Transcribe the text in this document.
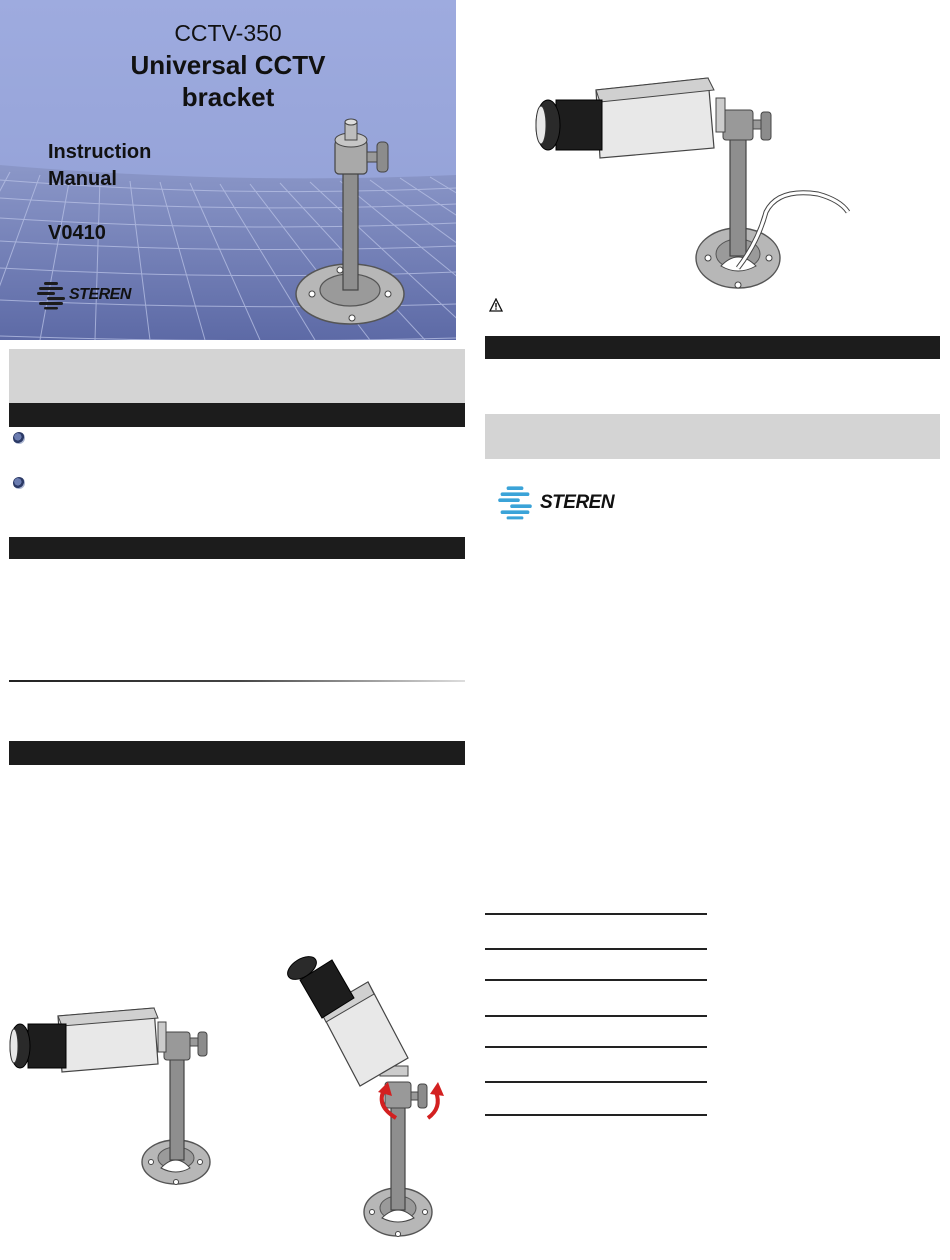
CCTV-350
Universal CCTV
bracket
Instruction
Manual
V0410
STEREN
STEREN
